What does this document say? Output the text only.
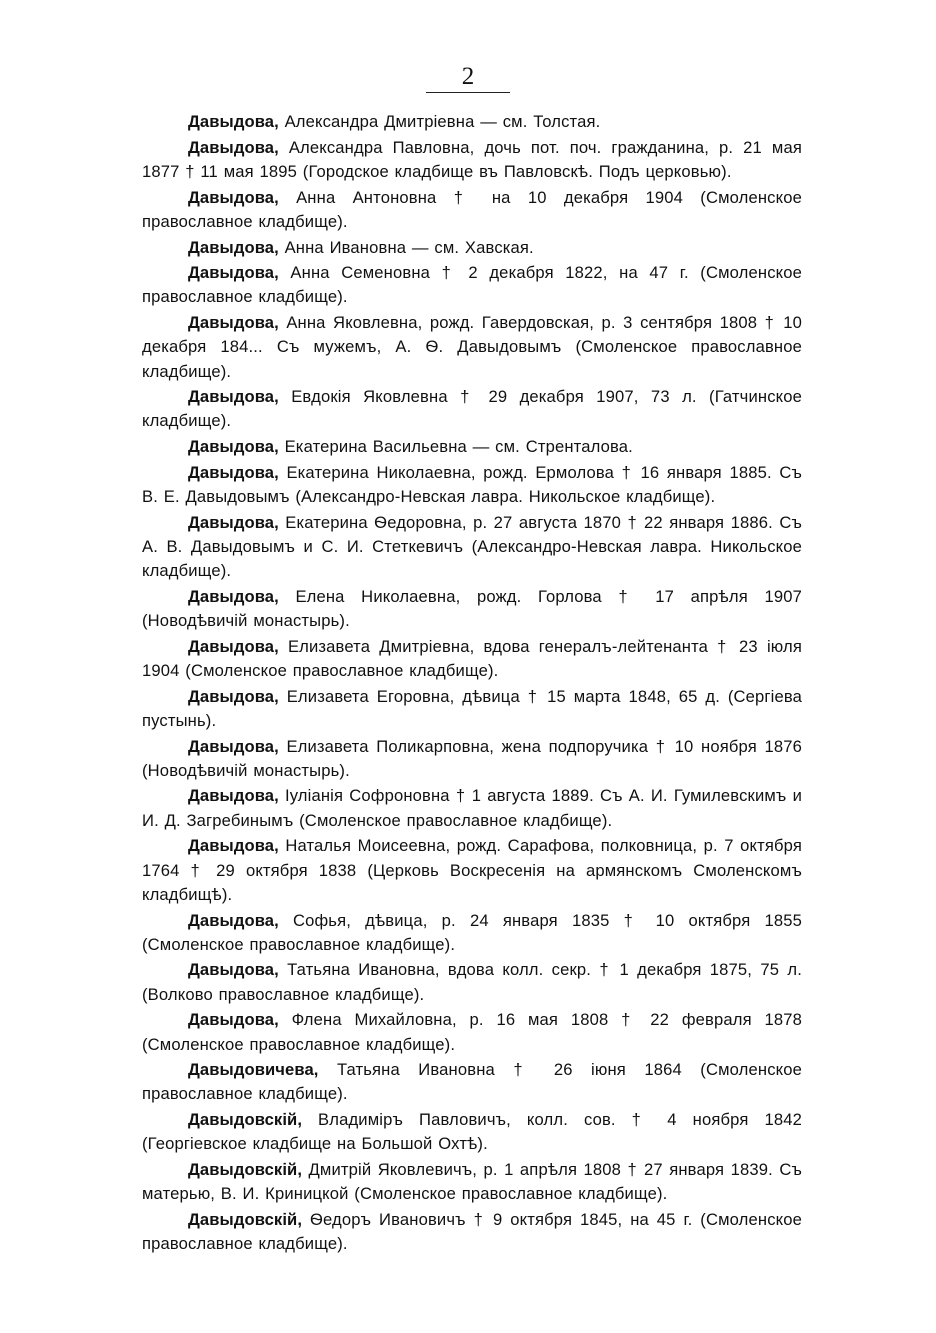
2

Давыдова, Александра Дмитріевна — см. Толстая.

Давыдова, Александра Павловна, дочь пот. поч. гражданина, р. 21 мая 1877 † 11 мая 1895 (Городское кладбище въ Павловскѣ. Подъ церковью).

Давыдова, Анна Антоновна † на 10 декабря 1904 (Смоленское православное кладбище).

Давыдова, Анна Ивановна — см. Хавская.

Давыдова, Анна Семеновна † 2 декабря 1822, на 47 г. (Смоленское православное кладбище).

Давыдова, Анна Яковлевна, рожд. Гавердовская, р. 3 сентября 1808 † 10 декабря 184... Съ мужемъ, А. Ѳ. Давыдовымъ (Смоленское православное кладбище).

Давыдова, Евдокія Яковлевна † 29 декабря 1907, 73 л. (Гатчинское кладбище).

Давыдова, Екатерина Васильевна — см. Стренталова.

Давыдова, Екатерина Николаевна, рожд. Ермолова † 16 января 1885. Съ В. Е. Давыдовымъ (Александро-Невская лавра. Никольское кладбище).

Давыдова, Екатерина Ѳедоровна, р. 27 августа 1870 † 22 января 1886. Съ А. В. Давыдовымъ и С. И. Стеткевичъ (Александро-Невская лавра. Никольское кладбище).

Давыдова, Елена Николаевна, рожд. Горлова † 17 апрѣля 1907 (Новодѣвичій монастырь).

Давыдова, Елизавета Дмитріевна, вдова генералъ-лейтенанта † 23 іюля 1904 (Смоленское православное кладбище).

Давыдова, Елизавета Егоровна, дѣвица † 15 марта 1848, 65 д. (Сергіева пустынь).

Давыдова, Елизавета Поликарповна, жена подпоручика † 10 ноября 1876 (Новодѣвичій монастырь).

Давыдова, Іуліанія Софроновна † 1 августа 1889. Съ А. И. Гумилевскимъ и И. Д. Загребинымъ (Смоленское православное кладбище).

Давыдова, Наталья Моисеевна, рожд. Сарафова, полковница, р. 7 октября 1764 † 29 октября 1838 (Церковь Воскресенія на армянскомъ Смоленскомъ кладбищѣ).

Давыдова, Софья, дѣвица, р. 24 января 1835 † 10 октября 1855 (Смоленское православное кладбище).

Давыдова, Татьяна Ивановна, вдова колл. секр. † 1 декабря 1875, 75 л. (Волково православное кладбище).

Давыдова, Флена Михайловна, р. 16 мая 1808 † 22 февраля 1878 (Смоленское православное кладбище).

Давыдовичева, Татьяна Ивановна † 26 іюня 1864 (Смоленское православное кладбище).

Давыдовскій, Владиміръ Павловичъ, колл. сов. † 4 ноября 1842 (Георгіевское кладбище на Большой Охтѣ).

Давыдовскій, Дмитрій Яковлевичъ, р. 1 апрѣля 1808 † 27 января 1839. Съ матерью, В. И. Криницкой (Смоленское православное кладбище).

Давыдовскій, Ѳедоръ Ивановичъ † 9 октября 1845, на 45 г. (Смоленское православное кладбище).
